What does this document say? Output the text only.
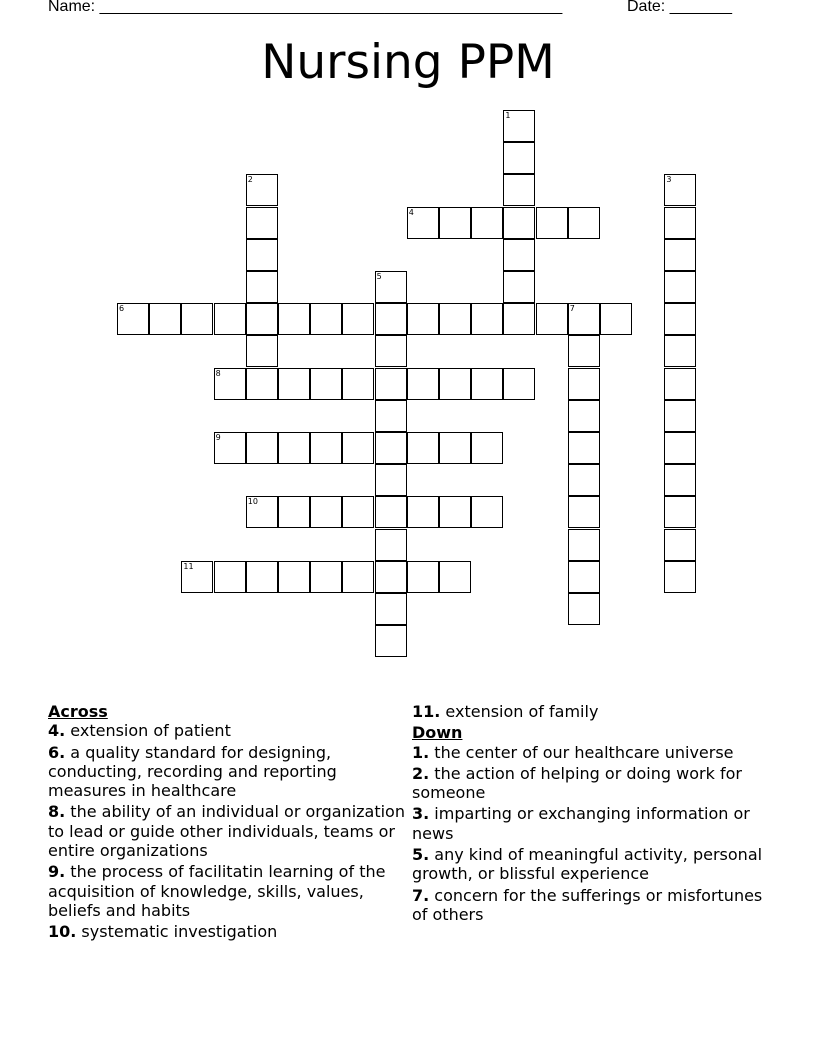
Name: ____________________________________________________	Date: _______
Nursing PPM
1
2	3
4
5
6	7
8
9
10
11

Across

4. extension of patient

6. a quality standard for designing, conducting, recording and reporting measures in healthcare

8. the ability of an individual or organization to lead or guide other individuals, teams or entire organizations

9. the process of facilitatin learning of the acquisition of knowledge, skills, values, beliefs and habits

10. systematic investigation

11. extension of family

Down

1. the center of our healthcare universe

2. the action of helping or doing work for someone

3. imparting or exchanging information or news

5. any kind of meaningful activity, personal growth, or blissful experience

7. concern for the sufferings or misfortunes of others
